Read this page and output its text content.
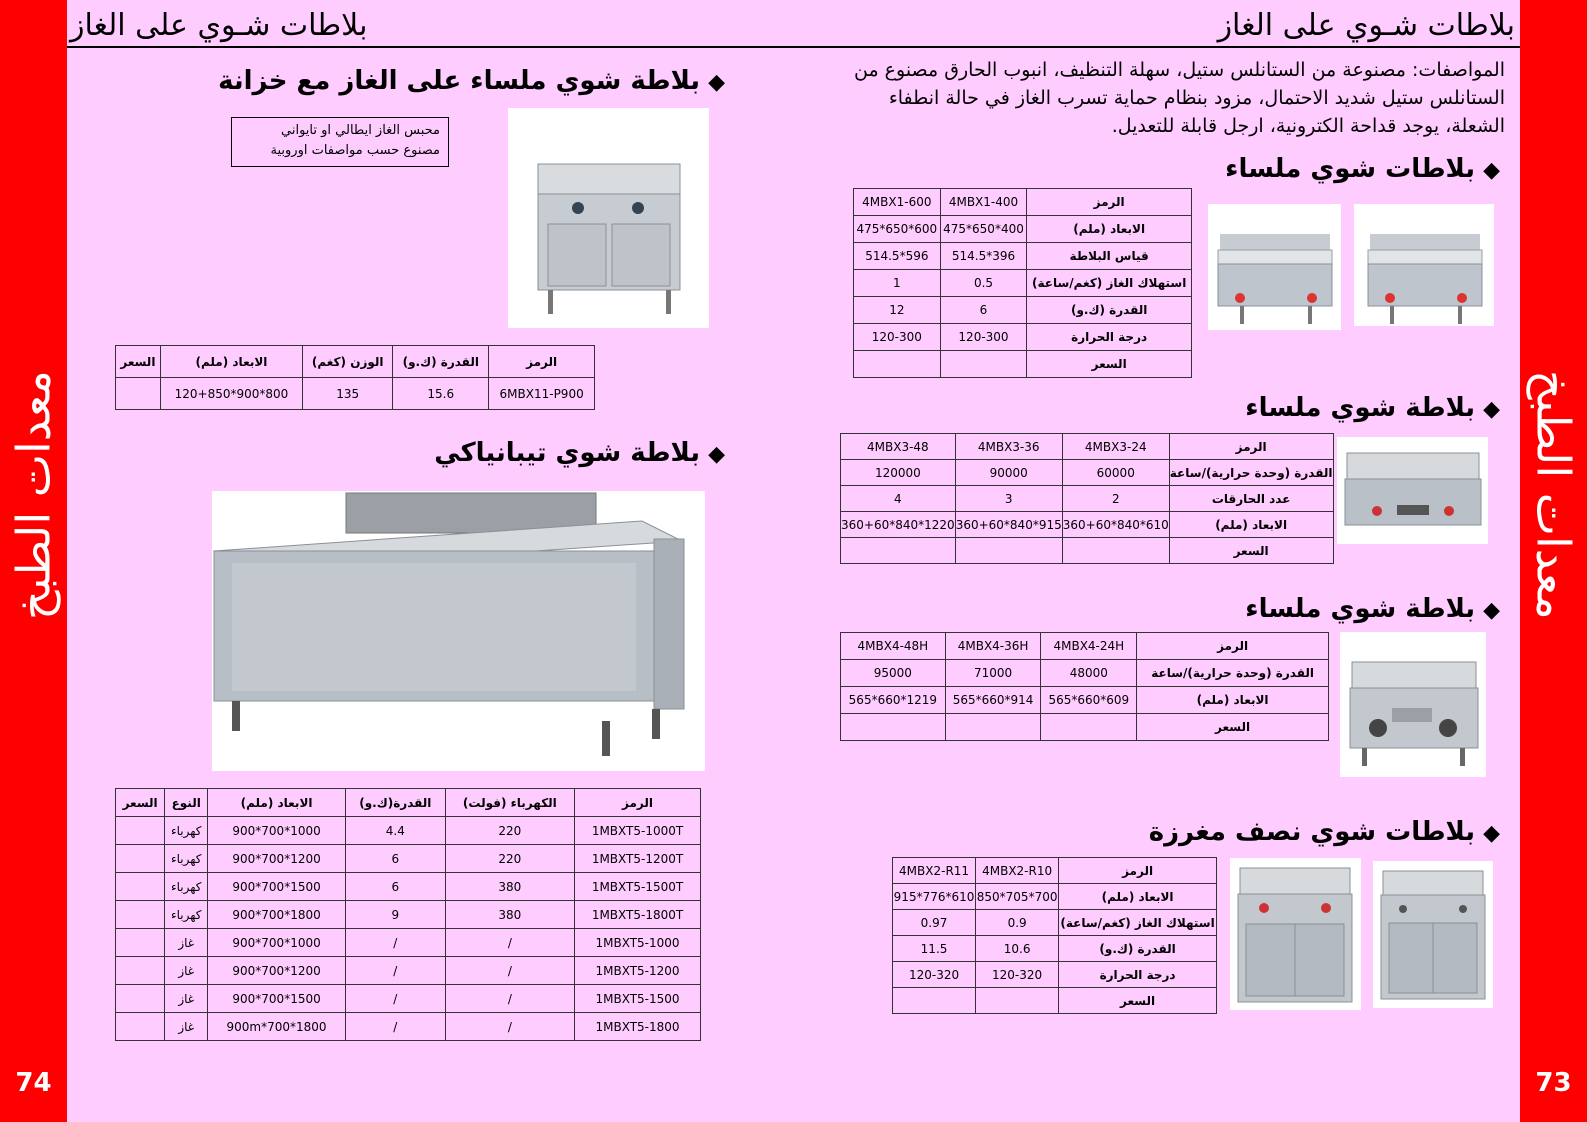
معدات الطبخ
74
معدات الطبخ
73
بلاطات شـوي على الغاز	بلاطات شـوي على الغاز
المواصفات: مصنوعة من الستانلس ستيل، سهلة التنظيف، انبوب الحارق مصنوع من الستانلس ستيل شديد الاحتمال، مزود بنظام حماية تسرب الغاز في حالة انطفاء الشعلة، يوجد قداحة الكترونية، ارجل قابلة للتعديل.
◆بلاطات شوي ملساء
◆بلاطة شوي ملساء
◆بلاطة شوي ملساء
◆بلاطات شوي نصف مغرزة
◆بلاطة شوي ملساء على الغاز مع خزانة
◆بلاطة شوي تيبانياكي
محبس الغاز ايطالي او تايواني
مصنوع حسب مواصفات اوروبية
الرمز	4MBX1-400	4MBX1-600
الابعاد (ملم)	400*650*475	600*650*475
قياس البلاطة	396*514.5	596*514.5
استهلاك الغاز (كغم/ساعة)	0.5	1
القدرة (ك.و)	6	12
درجة الحرارة	120-300	120-300
السعر		
الرمز	4MBX3-24	4MBX3-36	4MBX3-48
القدرة (وحدة حرارية)/ساعة	60000	90000	120000
عدد الحارقات	2	3	4
الابعاد (ملم)	610*840*360+60	915*840*360+60	1220*840*360+60
السعر			
الرمز	4MBX4-24H	4MBX4-36H	4MBX4-48H
القدرة (وحدة حرارية)/ساعة	48000	71000	95000
الابعاد (ملم)	609*660*565	914*660*565	1219*660*565
السعر			
الرمز	4MBX2-R10	4MBX2-R11
الابعاد (ملم)	700*705*850	610*776*915
استهلاك الغاز (كغم/ساعة)	0.9	0.97
القدرة (ك.و)	10.6	11.5
درجة الحرارة	120-320	120-320
السعر		
الرمز	القدرة (ك.و)	الوزن (كغم)	الابعاد (ملم)	السعر
6MBX11-P900	15.6	135	800*900*120+850	
الرمز	الكهرباء (فولت)	القدرة(ك.و)	الابعاد (ملم)	النوع	السعر
1MBXT5-1000T	220	4.4	1000*700*900	كهرباء	
1MBXT5-1200T	220	6	1200*700*900	كهرباء	
1MBXT5-1500T	380	6	1500*700*900	كهرباء	
1MBXT5-1800T	380	9	1800*700*900	كهرباء	
1MBXT5-1000	/	/	1000*700*900	غاز	
1MBXT5-1200	/	/	1200*700*900	غاز	
1MBXT5-1500	/	/	1500*700*900	غاز	
1MBXT5-1800	/	/	1800*700*900m	غاز	
